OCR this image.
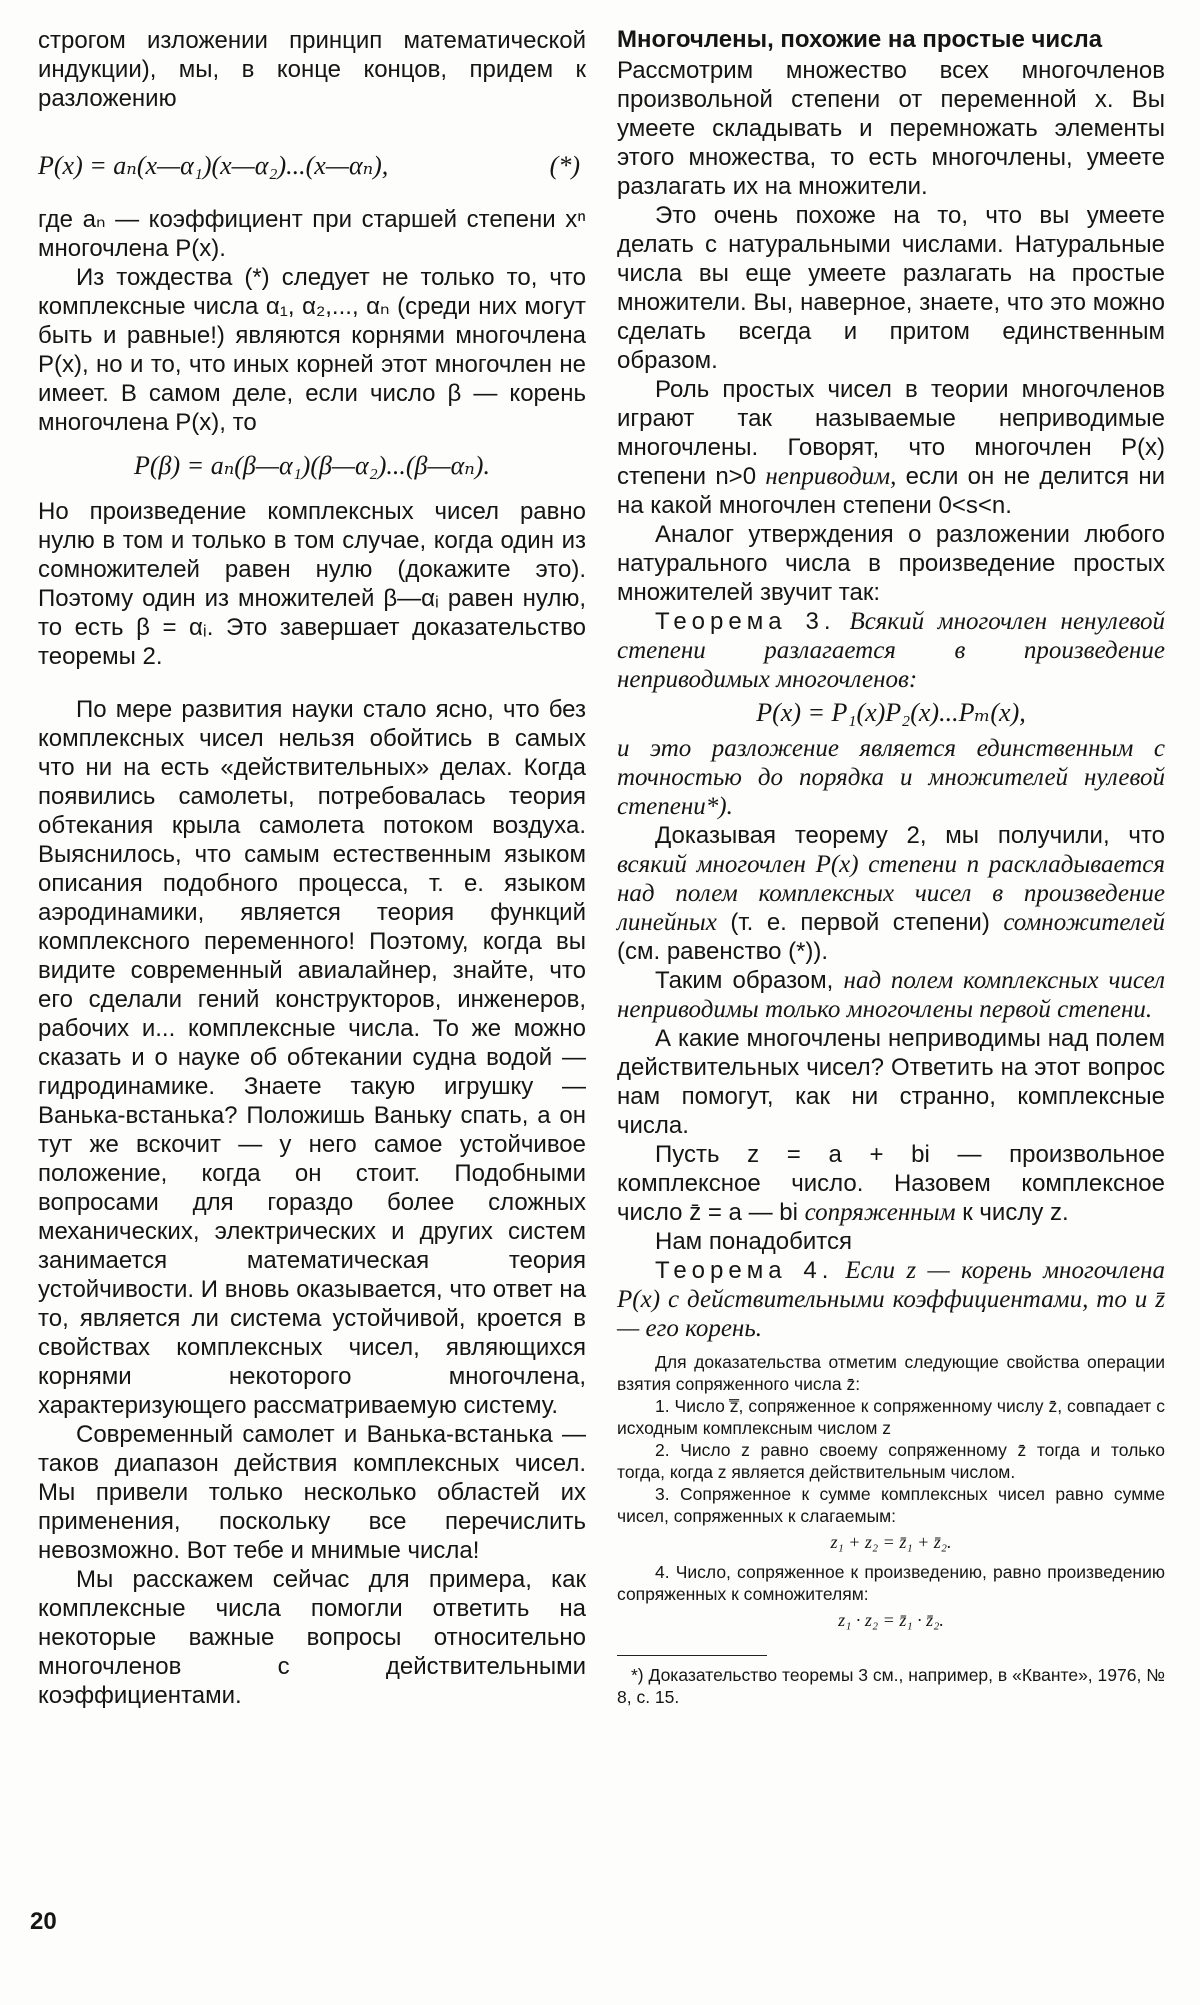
строгом изложении принцип математической индукции), мы, в конце концов, придем к разложению

P(x) = aₙ(x—α₁)(x—α₂)...(x—αₙ),	(*)

где aₙ — коэффициент при старшей степени xⁿ многочлена P(x).

Из тождества (*) следует не только то, что комплексные числа α₁, α₂,..., αₙ (среди них могут быть и равные!) являются корнями многочлена P(x), но и то, что иных корней этот многочлен не имеет. В самом деле, если число β — корень многочлена P(x), то

P(β) = aₙ(β—α₁)(β—α₂)...(β—αₙ).

Но произведение комплексных чисел равно нулю в том и только в том случае, когда один из сомножителей равен нулю (докажите это). Поэтому один из множителей β—αᵢ равен нулю, то есть β = αᵢ. Это завершает доказательство теоремы 2.

По мере развития науки стало ясно, что без комплексных чисел нельзя обойтись в самых что ни на есть «действительных» делах. Когда появились самолеты, потребовалась теория обтекания крыла самолета потоком воздуха. Выяснилось, что самым естественным языком описания подобного процесса, т. е. языком аэродинамики, является теория функций комплексного переменного! Поэтому, когда вы видите современный авиалайнер, знайте, что его сделали гений конструкторов, инженеров, рабочих и... комплексные числа. То же можно сказать и о науке об обтекании судна водой — гидродинамике. Знаете такую игрушку — Ванька-встанька? Положишь Ваньку спать, а он тут же вскочит — у него самое устойчивое положение, когда он стоит. Подобными вопросами для гораздо более сложных механических, электрических и других систем занимается математическая теория устойчивости. И вновь оказывается, что ответ на то, является ли система устойчивой, кроется в свойствах комплексных чисел, являющихся корнями некоторого многочлена, характеризующего рассматриваемую систему.

Современный самолет и Ванька-встанька — таков диапазон действия комплексных чисел. Мы привели только несколько областей их применения, поскольку все перечислить невозможно. Вот тебе и мнимые числа!

Мы расскажем сейчас для примера, как комплексные числа помогли ответить на некоторые важные вопросы относительно многочленов с действительными коэффициентами.

Многочлены, похожие на простые числа

Рассмотрим множество всех многочленов произвольной степени от переменной x. Вы умеете складывать и перемножать элементы этого множества, то есть многочлены, умеете разлагать их на множители.

Это очень похоже на то, что вы умеете делать с натуральными числами. Натуральные числа вы еще умеете разлагать на простые множители. Вы, наверное, знаете, что это можно сделать всегда и притом единственным образом.

Роль простых чисел в теории многочленов играют так называемые неприводимые многочлены. Говорят, что многочлен P(x) степени n>0 неприводим, если он не делится ни на какой многочлен степени 0<s<n.

Аналог утверждения о разложении любого натурального числа в произведение простых множителей звучит так:

Теорема 3. Всякий многочлен ненулевой степени разлагается в произведение неприводимых многочленов:

P(x) = P₁(x)P₂(x)...Pₘ(x),

и это разложение является единственным с точностью до порядка и множителей нулевой степени*).

Доказывая теорему 2, мы получили, что всякий многочлен P(x) степени n раскладывается над полем комплексных чисел в произведение линейных (т. е. первой степени) сомножителей (см. равенство (*)).

Таким образом, над полем комплексных чисел неприводимы только многочлены первой степени.

А какие многочлены неприводимы над полем действительных чисел? Ответить на этот вопрос нам помогут, как ни странно, комплексные числа.

Пусть z = a + bi — произвольное комплексное число. Назовем комплексное число z̄ = a — bi сопряженным к числу z.

Нам понадобится

Теорема 4. Если z — корень многочлена P(x) с действительными коэффициентами, то и z̄ — его корень.

Для доказательства отметим следующие свойства операции взятия сопряженного числа z̄:

1. Число z̿, сопряженное к сопряженному числу z̄, совпадает с исходным комплексным числом z

2. Число z равно своему сопряженному z̄ тогда и только тогда, когда z является действительным числом.

3. Сопряженное к сумме комплексных чисел равно сумме чисел, сопряженных к слагаемым:

z₁ + z₂ = z̄₁ + z̄₂.

4. Число, сопряженное к произведению, равно произведению сопряженных к сомножителям:

z₁ · z₂ = z̄₁ · z̄₂.

*) Доказательство теоремы 3 см., например, в «Кванте», 1976, № 8, с. 15.

20
